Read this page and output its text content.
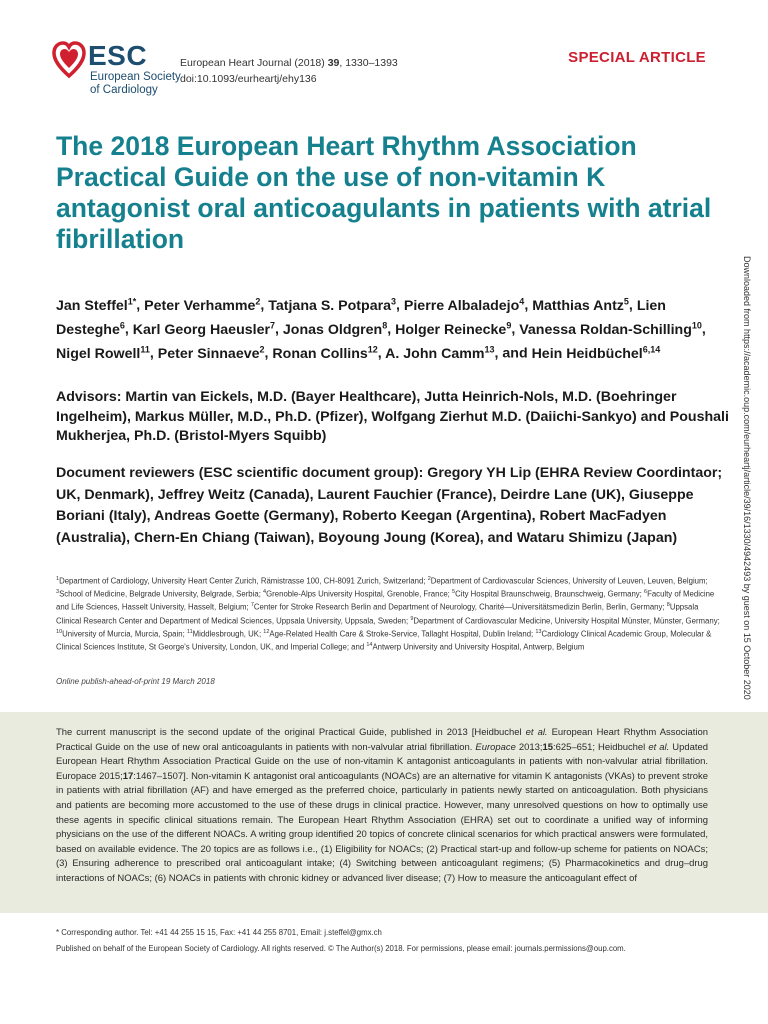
ESC
European Society
of Cardiology
European Heart Journal (2018) 39, 1330–1393
doi:10.1093/eurheartj/ehy136
SPECIAL ARTICLE
The 2018 European Heart Rhythm Association Practical Guide on the use of non-vitamin K antagonist oral anticoagulants in patients with atrial fibrillation

Jan Steffel$^{1*}$, Peter Verhamme$^2$, Tatjana S. Potpara$^3$, Pierre Albaladejo$^4$, Matthias Antz$^5$, Lien Desteghe$^6$, Karl Georg Haeusler$^7$, Jonas Oldgren$^8$, Holger Reinecke$^9$, Vanessa Roldan-Schilling$^{10}$, Nigel Rowell$^{11}$, Peter Sinnaeve$^2$, Ronan Collins$^{12}$, A. John Camm$^{13}$, and Hein Heidbüchel$^{6,14}$

Advisors: Martin van Eickels, M.D. (Bayer Healthcare), Jutta Heinrich-Nols, M.D. (Boehringer Ingelheim), Markus Müller, M.D., Ph.D. (Pfizer), Wolfgang Zierhut M.D. (Daiichi-Sankyo) and Poushali Mukherjea, Ph.D. (Bristol-Myers Squibb)

Document reviewers (ESC scientific document group): Gregory YH Lip (EHRA Review Coordintaor; UK, Denmark), Jeffrey Weitz (Canada), Laurent Fauchier (France), Deirdre Lane (UK), Giuseppe Boriani (Italy), Andreas Goette (Germany), Roberto Keegan (Argentina), Robert MacFadyen (Australia), Chern-En Chiang (Taiwan), Boyoung Joung (Korea), and Wataru Shimizu (Japan)

$^1$Department of Cardiology, University Heart Center Zurich, Rämistrasse 100, CH-8091 Zurich, Switzerland; $^2$Department of Cardiovascular Sciences, University of Leuven, Leuven, Belgium; $^3$School of Medicine, Belgrade University, Belgrade, Serbia; $^4$Grenoble-Alps University Hospital, Grenoble, France; $^5$City Hospital Braunschweig, Braunschweig, Germany; $^6$Faculty of Medicine and Life Sciences, Hasselt University, Hasselt, Belgium; $^7$Center for Stroke Research Berlin and Department of Neurology, Charité—Universitätsmedizin Berlin, Berlin, Germany; $^8$Uppsala Clinical Research Center and Department of Medical Sciences, Uppsala University, Uppsala, Sweden; $^9$Department of Cardiovascular Medicine, University Hospital Münster, Münster, Germany; $^{10}$University of Murcia, Murcia, Spain; $^{11}$Middlesbrough, UK; $^{12}$Age-Related Health Care & Stroke-Service, Tallaght Hospital, Dublin Ireland; $^{13}$Cardiology Clinical Academic Group, Molecular & Clinical Sciences Institute, St George's University, London, UK, and Imperial College; and $^{14}$Antwerp University and University Hospital, Antwerp, Belgium

Online publish-ahead-of-print 19 March 2018

The current manuscript is the second update of the original Practical Guide, published in 2013 [Heidbuchel et al. European Heart Rhythm Association Practical Guide on the use of new oral anticoagulants in patients with non-valvular atrial fibrillation. Europace 2013;15:625–651; Heidbuchel et al. Updated European Heart Rhythm Association Practical Guide on the use of non-vitamin K antagonist anticoagulants in patients with non-valvular atrial fibrillation. Europace 2015;17:1467–1507]. Non-vitamin K antagonist oral anticoagulants (NOACs) are an alternative for vitamin K antagonists (VKAs) to prevent stroke in patients with atrial fibrillation (AF) and have emerged as the preferred choice, particularly in patients newly started on anticoagulation. Both physicians and patients are becoming more accustomed to the use of these drugs in clinical practice. However, many unresolved questions on how to optimally use these agents in specific clinical situations remain. The European Heart Rhythm Association (EHRA) set out to coordinate a unified way of informing physicians on the use of the different NOACs. A writing group identified 20 topics of concrete clinical scenarios for which practical answers were formulated, based on available evidence. The 20 topics are as follows i.e., (1) Eligibility for NOACs; (2) Practical start-up and follow-up scheme for patients on NOACs; (3) Ensuring adherence to prescribed oral anticoagulant intake; (4) Switching between anticoagulant regimens; (5) Pharmacokinetics and drug–drug interactions of NOACs; (6) NOACs in patients with chronic kidney or advanced liver disease; (7) How to measure the anticoagulant effect of

* Corresponding author. Tel: +41 44 255 15 15, Fax: +41 44 255 8701, Email: j.steffel@gmx.ch
Published on behalf of the European Society of Cardiology. All rights reserved. © The Author(s) 2018. For permissions, please email: journals.permissions@oup.com.
Downloaded from https://academic.oup.com/eurheartj/article/39/16/1330/4942493 by guest on 15 October 2020
